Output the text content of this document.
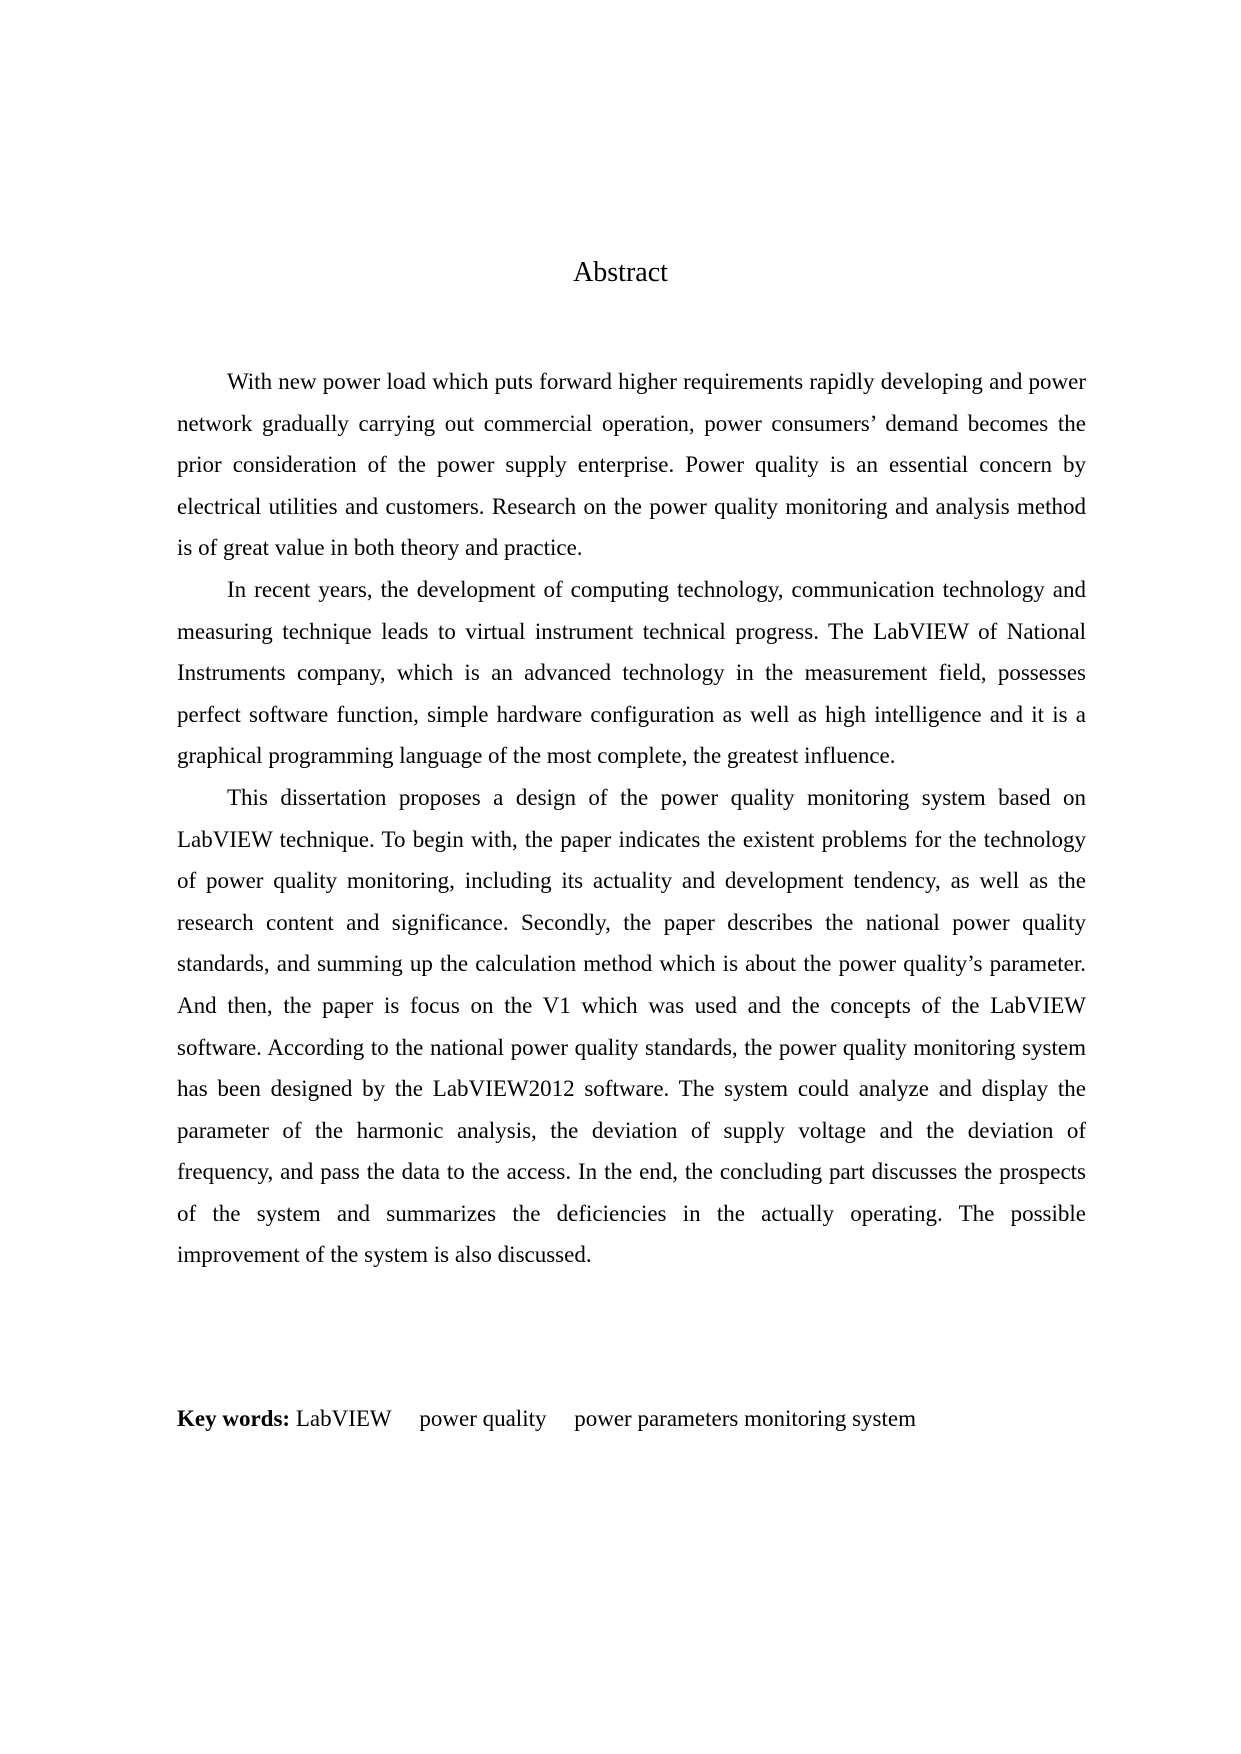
Abstract

With new power load which puts forward higher requirements rapidly developing and power network gradually carrying out commercial operation, power consumers’ demand becomes the prior consideration of the power supply enterprise. Power quality is an essential concern by electrical utilities and customers. Research on the power quality monitoring and analysis method is of great value in both theory and practice.

In recent years, the development of computing technology, communication technology and measuring technique leads to virtual instrument technical progress. The LabVIEW of National Instruments company, which is an advanced technology in the measurement field, possesses perfect software function, simple hardware configuration as well as high intelligence and it is a graphical programming language of the most complete, the greatest influence.

This dissertation proposes a design of the power quality monitoring system based on LabVIEW technique. To begin with, the paper indicates the existent problems for the technology of power quality monitoring, including its actuality and development tendency, as well as the research content and significance. Secondly, the paper describes the national power quality standards, and summing up the calculation method which is about the power quality’s parameter. And then, the paper is focus on the V1 which was used and the concepts of the LabVIEW software. According to the national power quality standards, the power quality monitoring system has been designed by the LabVIEW2012 software. The system could analyze and display the parameter of the harmonic analysis, the deviation of supply voltage and the deviation of frequency, and pass the data to the access. In the end, the concluding part discusses the prospects of the system and summarizes the deficiencies in the actually operating. The possible improvement of the system is also discussed.

Key words: LabVIEW power quality power parameters monitoring system
